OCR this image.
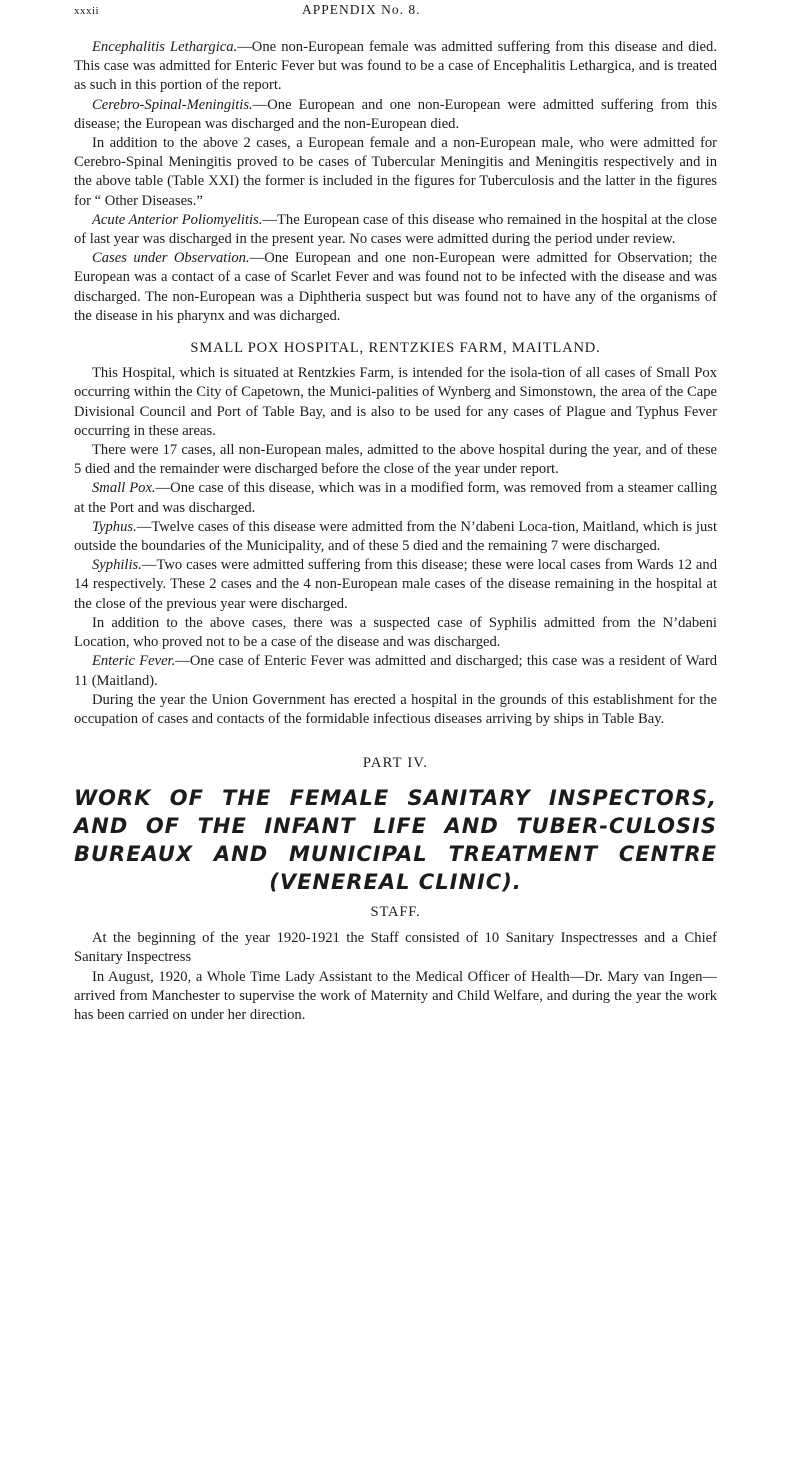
xxxii	APPENDIX No. 8.

Encephalitis Lethargica.—One non-European female was admitted suffering from this disease and died. This case was admitted for Enteric Fever but was found to be a case of Encephalitis Lethargica, and is treated as such in this portion of the report.

Cerebro-Spinal-Meningitis.—One European and one non-European were admitted suffering from this disease; the European was discharged and the non-European died.

In addition to the above 2 cases, a European female and a non-European male, who were admitted for Cerebro-Spinal Meningitis proved to be cases of Tubercular Meningitis and Meningitis respectively and in the above table (Table XXI) the former is included in the figures for Tuberculosis and the latter in the figures for “ Other Diseases.”

Acute Anterior Poliomyelitis.—The European case of this disease who remained in the hospital at the close of last year was discharged in the present year. No cases were admitted during the period under review.

Cases under Observation.—One European and one non-European were admitted for Observation; the European was a contact of a case of Scarlet Fever and was found not to be infected with the disease and was discharged. The non-European was a Diphtheria suspect but was found not to have any of the organisms of the disease in his pharynx and was dicharged.

SMALL POX HOSPITAL, RENTZKIES FARM, MAITLAND.

This Hospital, which is situated at Rentzkies Farm, is intended for the isola-tion of all cases of Small Pox occurring within the City of Capetown, the Munici-palities of Wynberg and Simonstown, the area of the Cape Divisional Council and Port of Table Bay, and is also to be used for any cases of Plague and Typhus Fever occurring in these areas.

There were 17 cases, all non-European males, admitted to the above hospital during the year, and of these 5 died and the remainder were discharged before the close of the year under report.

Small Pox.—One case of this disease, which was in a modified form, was removed from a steamer calling at the Port and was discharged.

Typhus.—Twelve cases of this disease were admitted from the N’dabeni Loca-tion, Maitland, which is just outside the boundaries of the Municipality, and of these 5 died and the remaining 7 were discharged.

Syphilis.—Two cases were admitted suffering from this disease; these were local cases from Wards 12 and 14 respectively. These 2 cases and the 4 non-European male cases of the disease remaining in the hospital at the close of the previous year were discharged.

In addition to the above cases, there was a suspected case of Syphilis admitted from the N’dabeni Location, who proved not to be a case of the disease and was discharged.

Enteric Fever.—One case of Enteric Fever was admitted and discharged; this case was a resident of Ward 11 (Maitland).

During the year the Union Government has erected a hospital in the grounds of this establishment for the occupation of cases and contacts of the formidable infectious diseases arriving by ships in Table Bay.

PART IV.
WORK OF THE FEMALE SANITARY INSPECTORS, AND OF THE INFANT LIFE AND TUBER-CULOSIS BUREAUX AND MUNICIPAL TREATMENT CENTRE (VENEREAL CLINIC).
STAFF.

At the beginning of the year 1920-1921 the Staff consisted of 10 Sanitary Inspectresses and a Chief Sanitary Inspectress

In August, 1920, a Whole Time Lady Assistant to the Medical Officer of Health—Dr. Mary van Ingen—arrived from Manchester to supervise the work of Maternity and Child Welfare, and during the year the work has been carried on under her direction.
